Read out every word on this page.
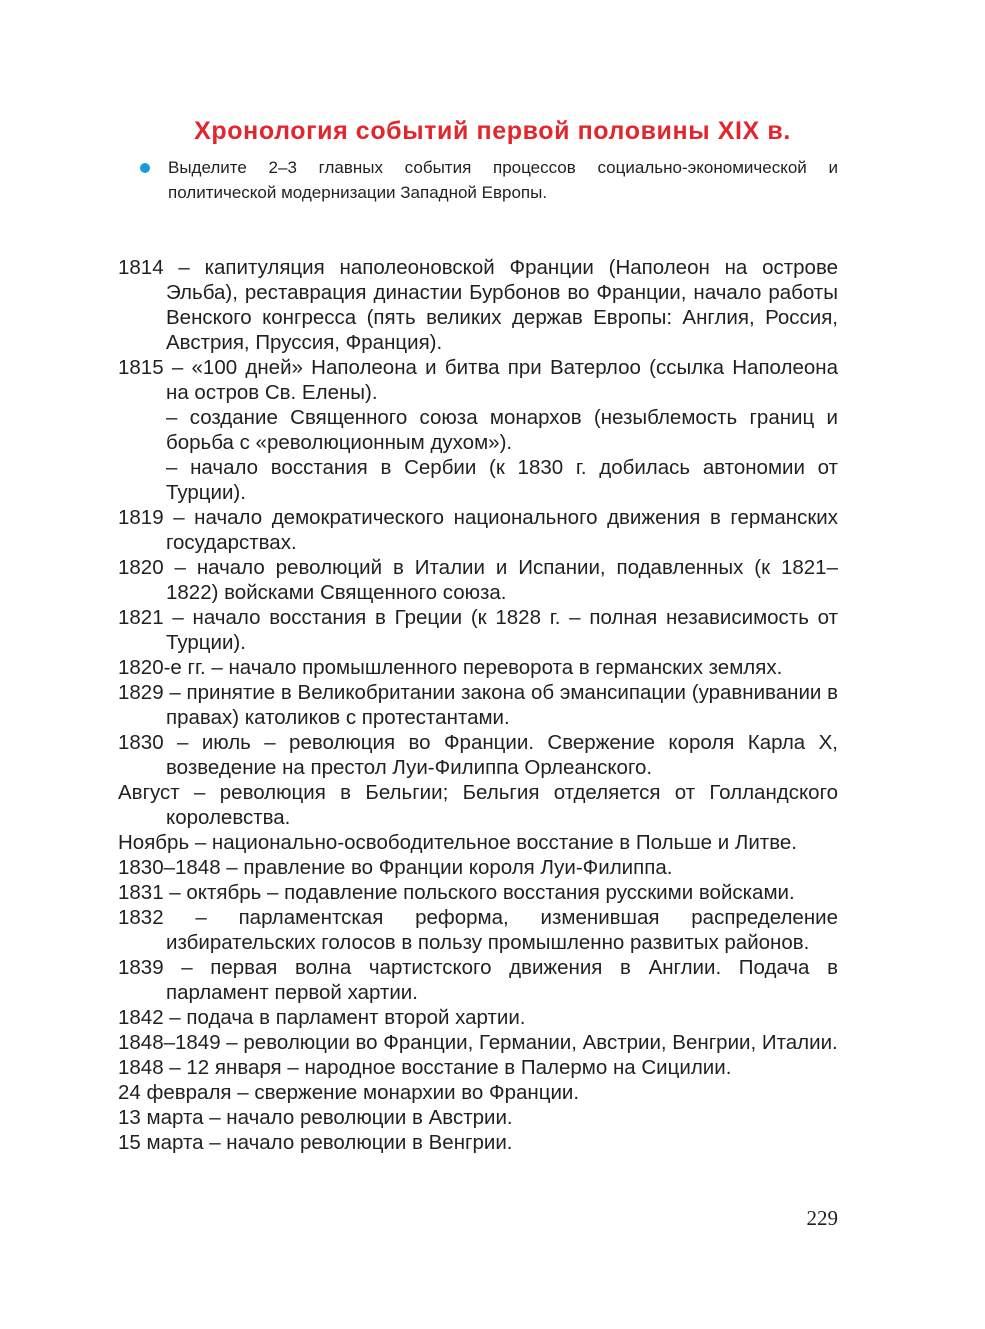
Хронология событий первой половины XIX в.

Выделите 2–3 главных события процессов социально-экономической и политической модернизации Западной Европы.

1814 – капитуляция наполеоновской Франции (Наполеон на острове Эльба), реставрация династии Бурбонов во Франции, начало работы Венского конгресса (пять великих держав Европы: Англия, Россия, Австрия, Пруссия, Франция).

1815 – «100 дней» Наполеона и битва при Ватерлоо (ссылка Наполеона на остров Св. Елены).

– создание Священного союза монархов (незыблемость границ и борьба с «революционным духом»).

– начало восстания в Сербии (к 1830 г. добилась автономии от Турции).

1819 – начало демократического национального движения в германских государствах.

1820 – начало революций в Италии и Испании, подавленных (к 1821–1822) войсками Священного союза.

1821 – начало восстания в Греции (к 1828 г. – полная независимость от Турции).

1820-е гг. – начало промышленного переворота в германских землях.

1829 – принятие в Великобритании закона об эмансипации (уравнивании в правах) католиков с протестантами.

1830 – июль – революция во Франции. Свержение короля Карла X, возведение на престол Луи-Филиппа Орлеанского.

Август – революция в Бельгии; Бельгия отделяется от Голландского королевства.

Ноябрь – национально-освободительное восстание в Польше и Литве.

1830–1848 – правление во Франции короля Луи-Филиппа.

1831 – октябрь – подавление польского восстания русскими войсками.

1832 – парламентская реформа, изменившая распределение избирательских голосов в пользу промышленно развитых районов.

1839 – первая волна чартистского движения в Англии. Подача в парламент первой хартии.

1842 – подача в парламент второй хартии.

1848–1849 – революции во Франции, Германии, Австрии, Венгрии, Италии.

1848 – 12 января – народное восстание в Палермо на Сицилии.

24 февраля – свержение монархии во Франции.

13 марта – начало революции в Австрии.

15 марта – начало революции в Венгрии.

229
